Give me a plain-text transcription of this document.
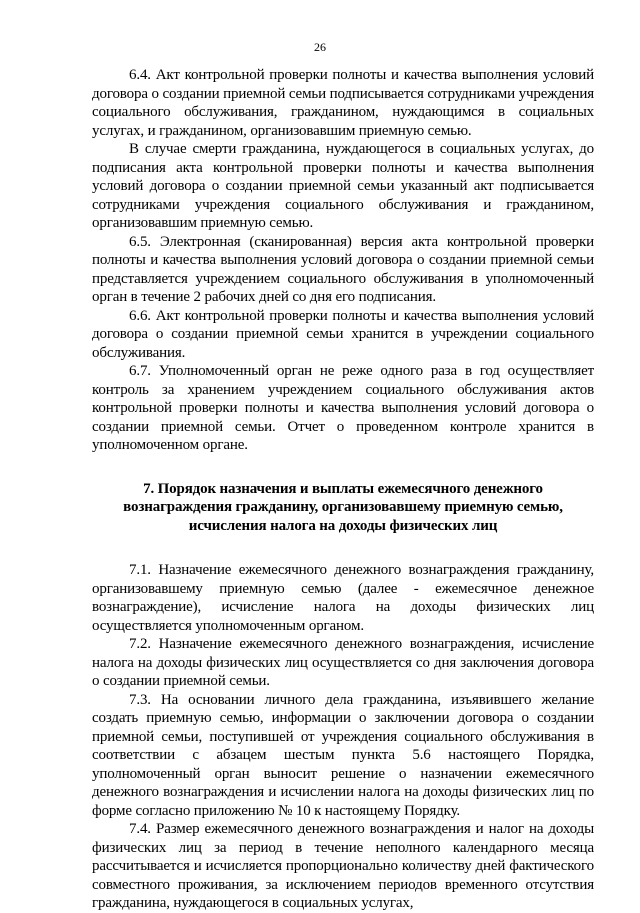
26

6.4. Акт контрольной проверки полноты и качества выполнения условий договора о создании приемной семьи подписывается сотрудниками учреждения социального обслуживания, гражданином, нуждающимся в социальных услугах, и гражданином, организовавшим приемную семью.

В случае смерти гражданина, нуждающегося в социальных услугах, до подписания акта контрольной проверки полноты и качества выполнения условий договора о создании приемной семьи указанный акт подписывается сотрудниками учреждения социального обслуживания и гражданином, организовавшим приемную семью.

6.5. Электронная (сканированная) версия акта контрольной проверки полноты и качества выполнения условий договора о создании приемной семьи представляется учреждением социального обслуживания в уполномоченный орган в течение 2 рабочих дней со дня его подписания.

6.6. Акт контрольной проверки полноты и качества выполнения условий договора о создании приемной семьи хранится в учреждении социального обслуживания.

6.7. Уполномоченный орган не реже одного раза в год осуществляет контроль за хранением учреждением социального обслуживания актов контрольной проверки полноты и качества выполнения условий договора о создании приемной семьи. Отчет о проведенном контроле хранится в уполномоченном органе.

7. Порядок назначения и выплаты ежемесячного денежного вознаграждения гражданину, организовавшему приемную семью, исчисления налога на доходы физических лиц

7.1. Назначение ежемесячного денежного вознаграждения гражданину, организовавшему приемную семью (далее - ежемесячное денежное вознаграждение), исчисление налога на доходы физических лиц осуществляется уполномоченным органом.

7.2. Назначение ежемесячного денежного вознаграждения, исчисление налога на доходы физических лиц осуществляется со дня заключения договора о создании приемной семьи.

7.3. На основании личного дела гражданина, изъявившего желание создать приемную семью, информации о заключении договора о создании приемной семьи, поступившей от учреждения социального обслуживания в соответствии с абзацем шестым пункта 5.6 настоящего Порядка, уполномоченный орган выносит решение о назначении ежемесячного денежного вознаграждения и исчислении налога на доходы физических лиц по форме согласно приложению № 10 к настоящему Порядку.

7.4. Размер ежемесячного денежного вознаграждения и налог на доходы физических лиц за период в течение неполного календарного месяца рассчитывается и исчисляется пропорционально количеству дней фактического совместного проживания, за исключением периодов временного отсутствия гражданина, нуждающегося в социальных услугах,
